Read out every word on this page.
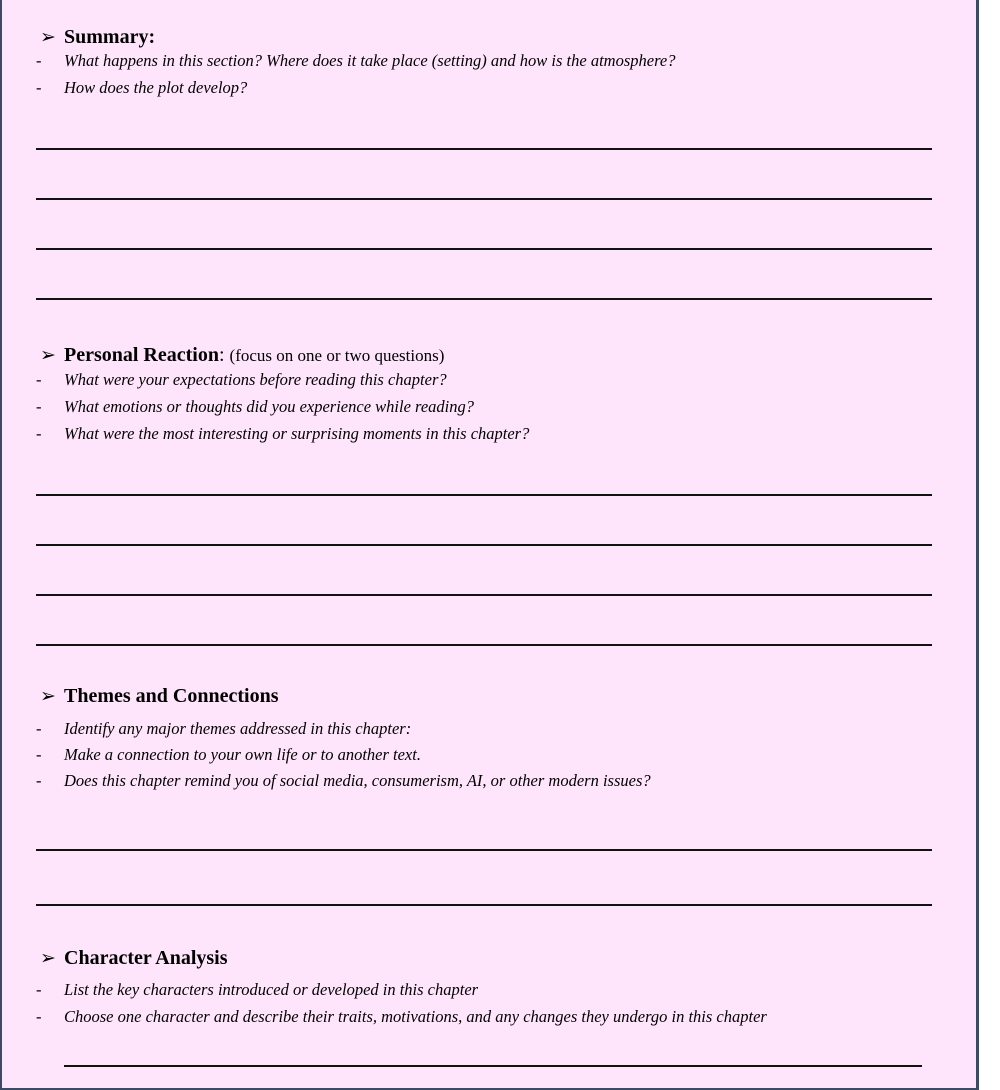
➢ Summary:
- What happens in this section? Where does it take place (setting) and how is the atmosphere?
- How does the plot develop?
➢ Personal Reaction: (focus on one or two questions)
- What were your expectations before reading this chapter?
- What emotions or thoughts did you experience while reading?
- What were the most interesting or surprising moments in this chapter?
➢ Themes and Connections
- Identify any major themes addressed in this chapter:
- Make a connection to your own life or to another text.
- Does this chapter remind you of social media, consumerism, AI, or other modern issues?
➢ Character Analysis
- List the key characters introduced or developed in this chapter
- Choose one character and describe their traits, motivations, and any changes they undergo in this chapter
